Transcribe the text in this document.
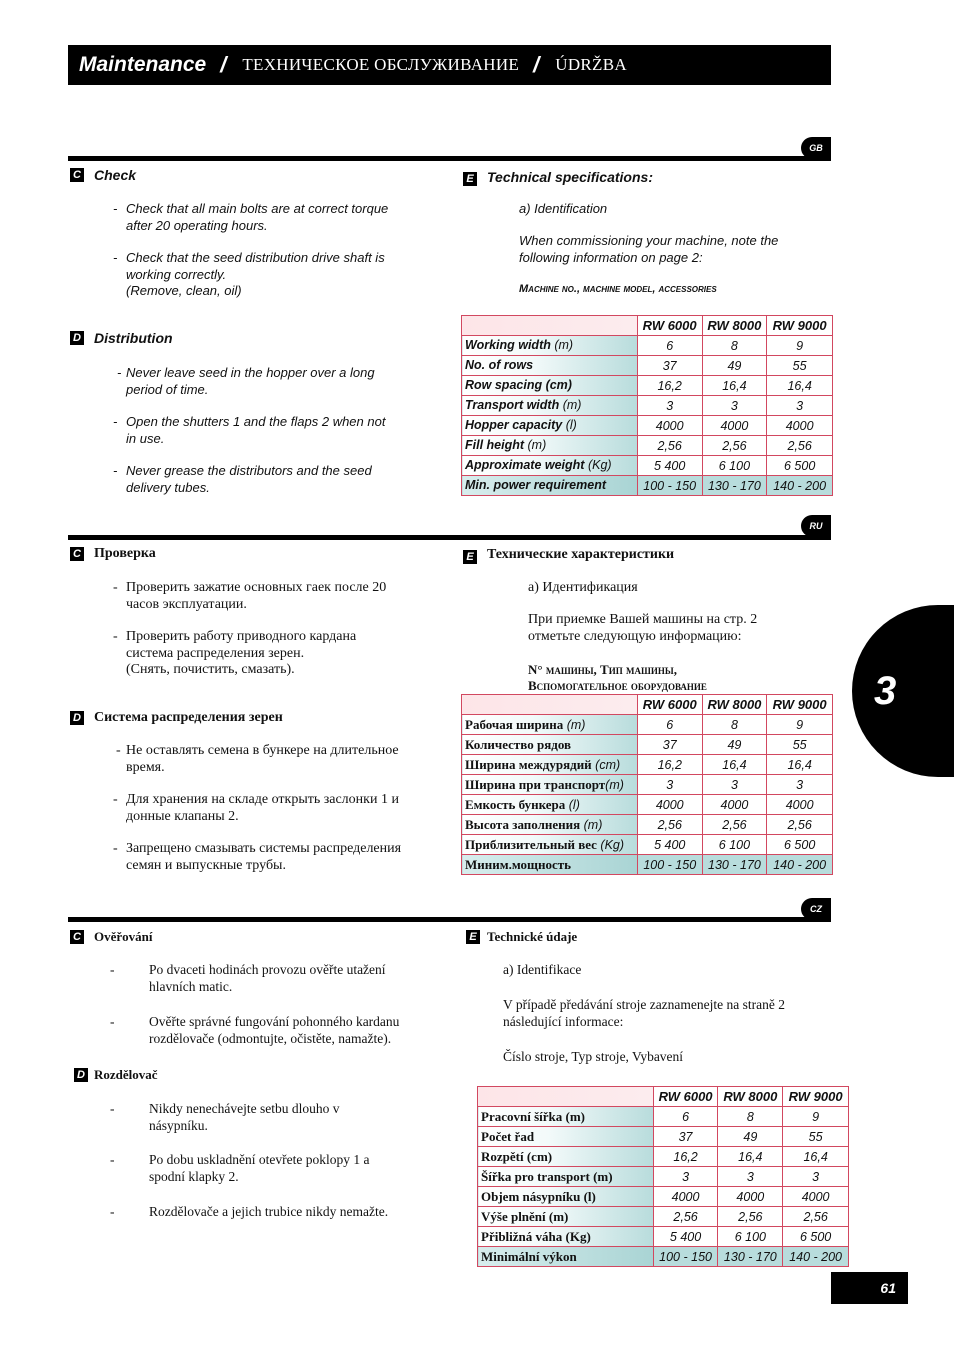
Maintenance / ТЕХНИЧЕСКОЕ ОБСЛУЖИВАНИЕ / ÚDRŽBA
GB
C Check
- Check that all main bolts are at correct torque
after 20 operating hours.
- Check that the seed distribution drive shaft is
working correctly.
(Remove, clean, oil)
D Distribution
- Never leave seed in the hopper over a long
period of time.
- Open the shutters 1 and the flaps 2 when not
in use.
- Never grease the distributors and the seed
delivery tubes.
E Technical specifications:
a) Identification
When commissioning your machine, note the
following information on page 2:
Machine no., machine model, accessories
	RW 6000	RW 8000	RW 9000
Working width (m)	6	8	9
No. of rows	37	49	55
Row spacing (cm)	16,2	16,4	16,4
Transport width (m)	3	3	3
Hopper capacity (l)	4000	4000	4000
Fill height (m)	2,56	2,56	2,56
Approximate weight (Kg)	5 400	6 100	6 500
Min. power requirement	100 - 150	130 - 170	140 - 200
RU
C Проверка
- Проверить зажатие основных гаек после 20
часов эксплуатации.
- Проверить работу приводного кардана
система распределения зерен.
(Снять, почистить, смазать).
D Система распределения зерен
- Не оставлять семена в бункере на длительное
время.
- Для хранения на складе открыть заслонки 1 и
донные клапаны 2.
- Запрещено смазывать системы распределения
семян и выпускные трубы.
E Технические характеристики
a) Идентификация
При приемке Вашей машины на стр. 2
отметьте следующую информацию:
N° машины, Тип машины,
Вспомогательное оборудование
	RW 6000	RW 8000	RW 9000
Рабочая ширина (m)	6	8	9
Количество рядов	37	49	55
Ширина междурядий (cm)	16,2	16,4	16,4
Ширина при транспорт(m)	3	3	3
Емкость бункера (l)	4000	4000	4000
Высота заполнения (m)	2,56	2,56	2,56
Приблизительный вес (Kg)	5 400	6 100	6 500
Миним.мощность	100 - 150	130 - 170	140 - 200
3
CZ
C Ověřování
-	Po dvaceti hodinách provozu ověřte utažení
hlavních matic.
-	Ověřte správné fungování pohonného kardanu
rozdělovače (odmontujte, očistěte, namažte).
D Rozdělovač
-	Nikdy nenechávejte setbu dlouho v
násypníku.
-	Po dobu uskladnění otevřete poklopy 1 a
spodní klapky 2.
-	Rozdělovače a jejich trubice nikdy nemažte.
E Technické údaje
a) Identifikace
V případě předávání stroje zaznamenejte na straně 2
následující informace:
Číslo stroje, Typ stroje, Vybavení
	RW 6000	RW 8000	RW 9000
Pracovní šířka (m)	6	8	9
Počet řad	37	49	55
Rozpětí (cm)	16,2	16,4	16,4
Šířka pro transport (m)	3	3	3
Objem násypníku (l)	4000	4000	4000
Výše plnění (m)	2,56	2,56	2,56
Přibližná váha (Kg)	5 400	6 100	6 500
Minimální výkon	100 - 150	130 - 170	140 - 200
61
